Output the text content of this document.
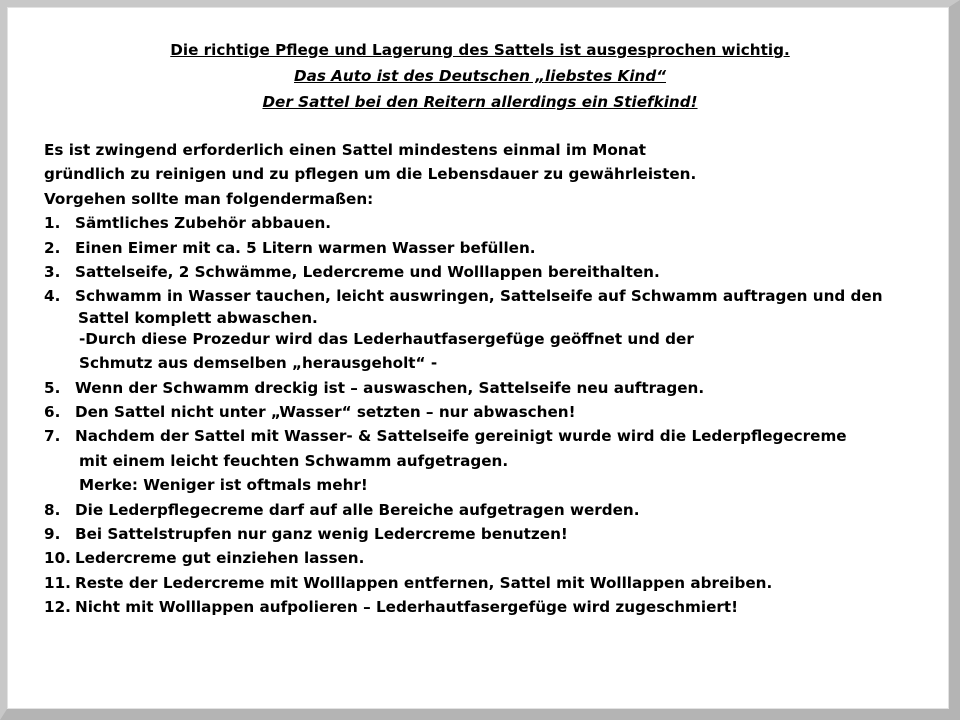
Die richtige Pflege und Lagerung des Sattels ist ausgesprochen wichtig.
Das Auto ist des Deutschen „liebstes Kind“
Der Sattel bei den Reitern allerdings ein Stiefkind!
Es ist zwingend erforderlich einen Sattel mindestens einmal im Monat
gründlich zu reinigen und zu pflegen um die Lebensdauer zu gewährleisten.
Vorgehen sollte man folgendermaßen:
1. Sämtliches Zubehör abbauen.
2. Einen Eimer mit ca. 5 Litern warmen Wasser befüllen.
3. Sattelseife, 2 Schwämme, Ledercreme und Wolllappen bereithalten.
4. Schwamm in Wasser tauchen, leicht auswringen, Sattelseife auf Schwamm auftragen und den
Sattel komplett abwaschen.
-Durch diese Prozedur wird das Lederhautfasergefüge geöffnet und der
Schmutz aus demselben „herausgeholt“ -
5. Wenn der Schwamm dreckig ist – auswaschen, Sattelseife neu auftragen.
6. Den Sattel nicht unter „Wasser“ setzten – nur abwaschen!
7. Nachdem der Sattel mit Wasser- & Sattelseife gereinigt wurde wird die Lederpflegecreme
mit einem leicht feuchten Schwamm aufgetragen.
Merke: Weniger ist oftmals mehr!
8. Die Lederpflegecreme darf auf alle Bereiche aufgetragen werden.
9. Bei Sattelstrupfen nur ganz wenig Ledercreme benutzen!
10. Ledercreme gut einziehen lassen.
11. Reste der Ledercreme mit Wolllappen entfernen, Sattel mit Wolllappen abreiben.
12. Nicht mit Wolllappen aufpolieren – Lederhautfasergefüge wird zugeschmiert!
